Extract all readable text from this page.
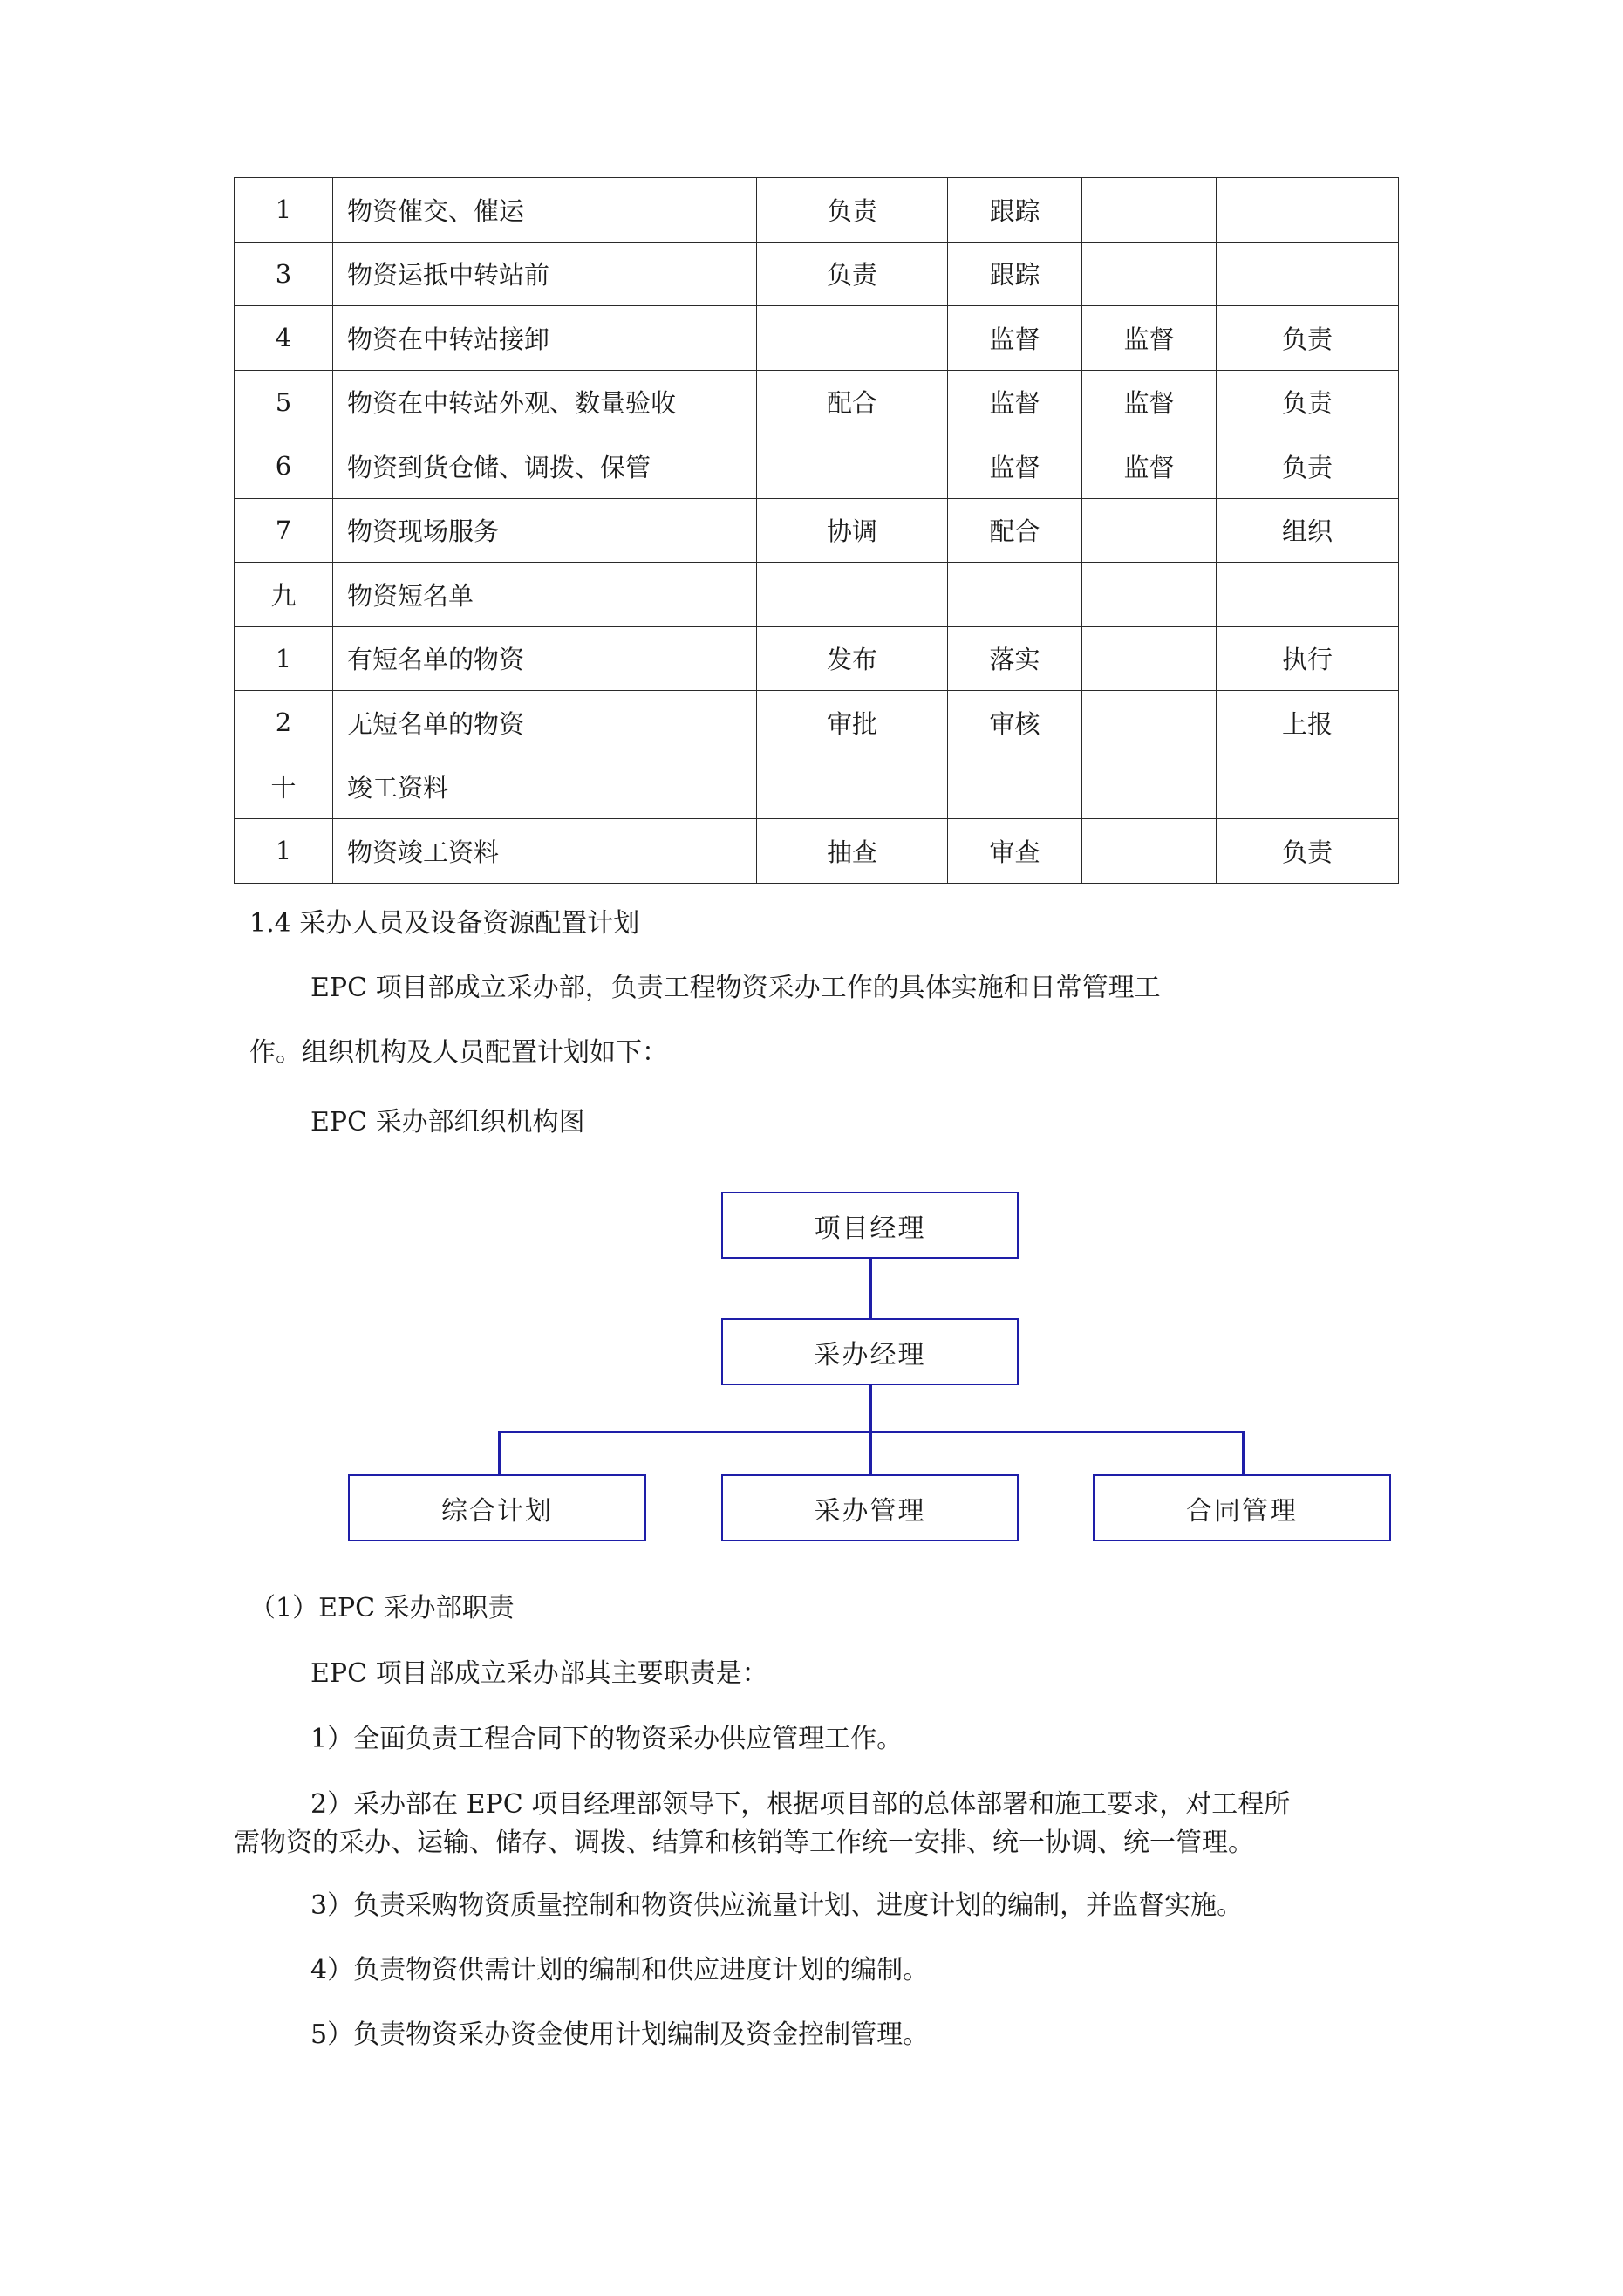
1	物资催交、催运	负责	跟踪		
3	物资运抵中转站前	负责	跟踪		
4	物资在中转站接卸		监督	监督	负责
5	物资在中转站外观、数量验收	配合	监督	监督	负责
6	物资到货仓储、调拨、保管		监督	监督	负责
7	物资现场服务	协调	配合		组织
九	物资短名单				
1	有短名单的物资	发布	落实		执行
2	无短名单的物资	审批	审核		上报
十	竣工资料				
1	物资竣工资料	抽查	审查		负责

1.4 采办人员及设备资源配置计划

EPC 项目部成立采办部，负责工程物资采办工作的具体实施和日常管理工

作。组织机构及人员配置计划如下：

EPC 采办部组织机构图

项目经理
采办经理
综合计划	采办管理	合同管理

（1）EPC 采办部职责

EPC 项目部成立采办部其主要职责是：

1）全面负责工程合同下的物资采办供应管理工作。

2）采办部在 EPC 项目经理部领导下，根据项目部的总体部署和施工要求，对工程所

需物资的采办、运输、储存、调拨、结算和核销等工作统一安排、统一协调、统一管理。

3）负责采购物资质量控制和物资供应流量计划、进度计划的编制，并监督实施。

4）负责物资供需计划的编制和供应进度计划的编制。

5）负责物资采办资金使用计划编制及资金控制管理。
